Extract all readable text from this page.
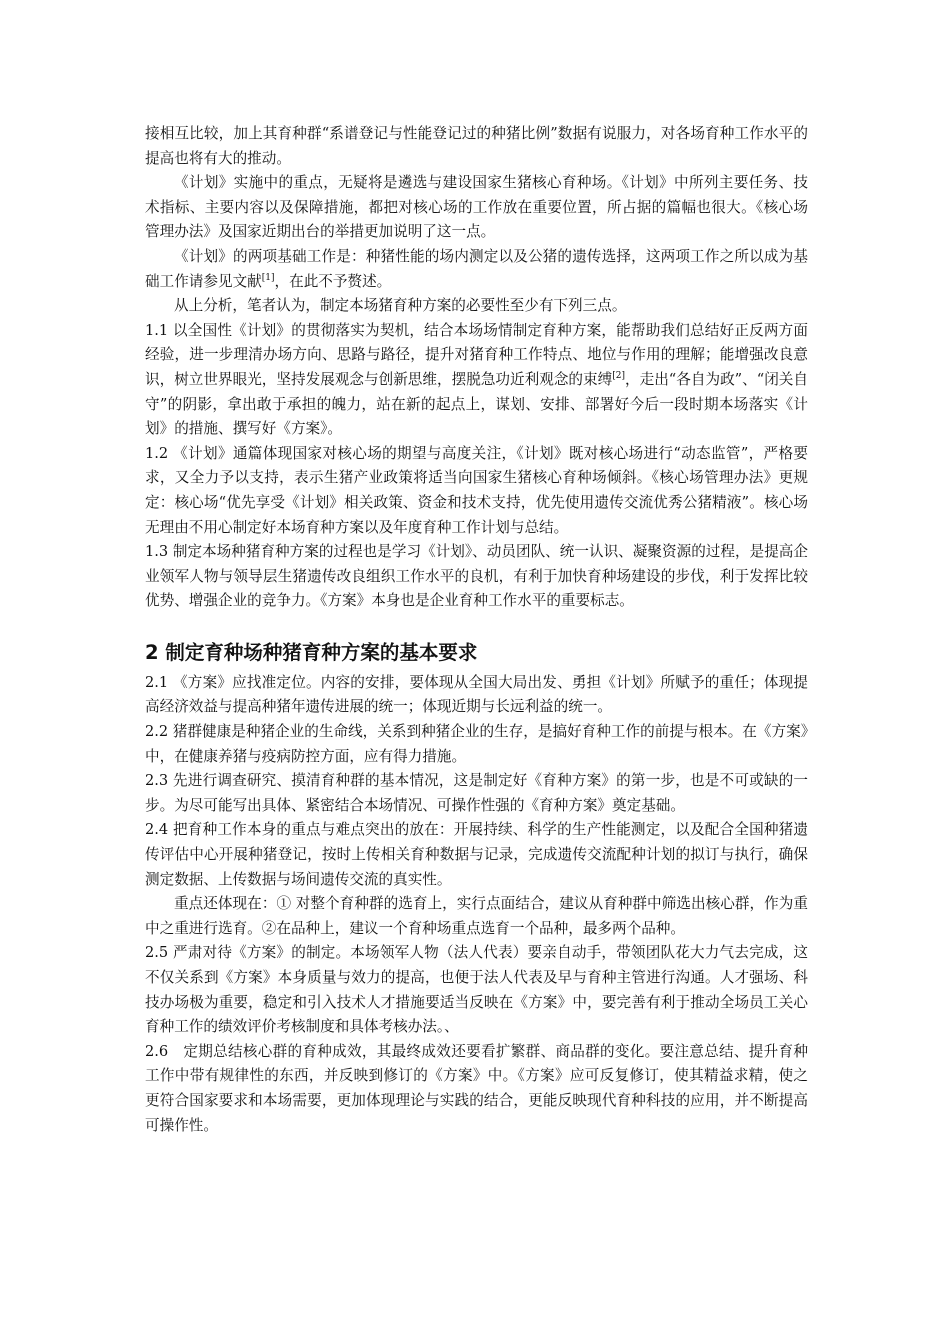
接相互比较，加上其育种群“系谱登记与性能登记过的种猪比例”数据有说服力，对各场育种工作水平的提高也将有大的推动。

《计划》实施中的重点，无疑将是遴选与建设国家生猪核心育种场。《计划》中所列主要任务、技术指标、主要内容以及保障措施，都把对核心场的工作放在重要位置，所占据的篇幅也很大。《核心场管理办法》及国家近期出台的举措更加说明了这一点。

《计划》的两项基础工作是：种猪性能的场内测定以及公猪的遗传选择，这两项工作之所以成为基础工作请参见文献[1]，在此不予赘述。

从上分析，笔者认为，制定本场猪育种方案的必要性至少有下列三点。

1.1 以全国性《计划》的贯彻落实为契机，结合本场场情制定育种方案，能帮助我们总结好正反两方面经验，进一步理清办场方向、思路与路径，提升对猪育种工作特点、地位与作用的理解；能增强改良意识，树立世界眼光，坚持发展观念与创新思维，摆脱急功近利观念的束缚[2]，走出“各自为政”、“闭关自守”的阴影，拿出敢于承担的魄力，站在新的起点上，谋划、安排、部署好今后一段时期本场落实《计划》的措施、撰写好《方案》。

1.2 《计划》通篇体现国家对核心场的期望与高度关注，《计划》既对核心场进行“动态监管”，严格要求，又全力予以支持，表示生猪产业政策将适当向国家生猪核心育种场倾斜。《核心场管理办法》更规定：核心场“优先享受《计划》相关政策、资金和技术支持，优先使用遗传交流优秀公猪精液”。核心场无理由不用心制定好本场育种方案以及年度育种工作计划与总结。

1.3 制定本场种猪育种方案的过程也是学习《计划》、动员团队、统一认识、凝聚资源的过程，是提高企业领军人物与领导层生猪遗传改良组织工作水平的良机，有利于加快育种场建设的步伐，利于发挥比较优势、增强企业的竞争力。《方案》本身也是企业育种工作水平的重要标志。

2 制定育种场种猪育种方案的基本要求

2.1 《方案》应找准定位。内容的安排，要体现从全国大局出发、勇担《计划》所赋予的重任；体现提高经济效益与提高种猪年遗传进展的统一；体现近期与长远利益的统一。

2.2 猪群健康是种猪企业的生命线，关系到种猪企业的生存，是搞好育种工作的前提与根本。在《方案》中，在健康养猪与疫病防控方面，应有得力措施。

2.3 先进行调查研究、摸清育种群的基本情况，这是制定好《育种方案》的第一步，也是不可或缺的一步。为尽可能写出具体、紧密结合本场情况、可操作性强的《育种方案》奠定基础。

2.4 把育种工作本身的重点与难点突出的放在：开展持续、科学的生产性能测定，以及配合全国种猪遗传评估中心开展种猪登记，按时上传相关育种数据与记录，完成遗传交流配种计划的拟订与执行，确保测定数据、上传数据与场间遗传交流的真实性。

重点还体现在：① 对整个育种群的选育上，实行点面结合，建议从育种群中筛选出核心群，作为重中之重进行选育。②在品种上，建议一个育种场重点选育一个品种，最多两个品种。

2.5 严肃对待《方案》的制定。本场领军人物（法人代表）要亲自动手，带领团队花大力气去完成，这不仅关系到《方案》本身质量与效力的提高，也便于法人代表及早与育种主管进行沟通。人才强场、科技办场极为重要，稳定和引入技术人才措施要适当反映在《方案》中，要完善有利于推动全场员工关心育种工作的绩效评价考核制度和具体考核办法。、

2.6　定期总结核心群的育种成效，其最终成效还要看扩繁群、商品群的变化。要注意总结、提升育种工作中带有规律性的东西，并反映到修订的《方案》中。《方案》应可反复修订，使其精益求精，使之更符合国家要求和本场需要，更加体现理论与实践的结合，更能反映现代育种科技的应用，并不断提高可操作性。
